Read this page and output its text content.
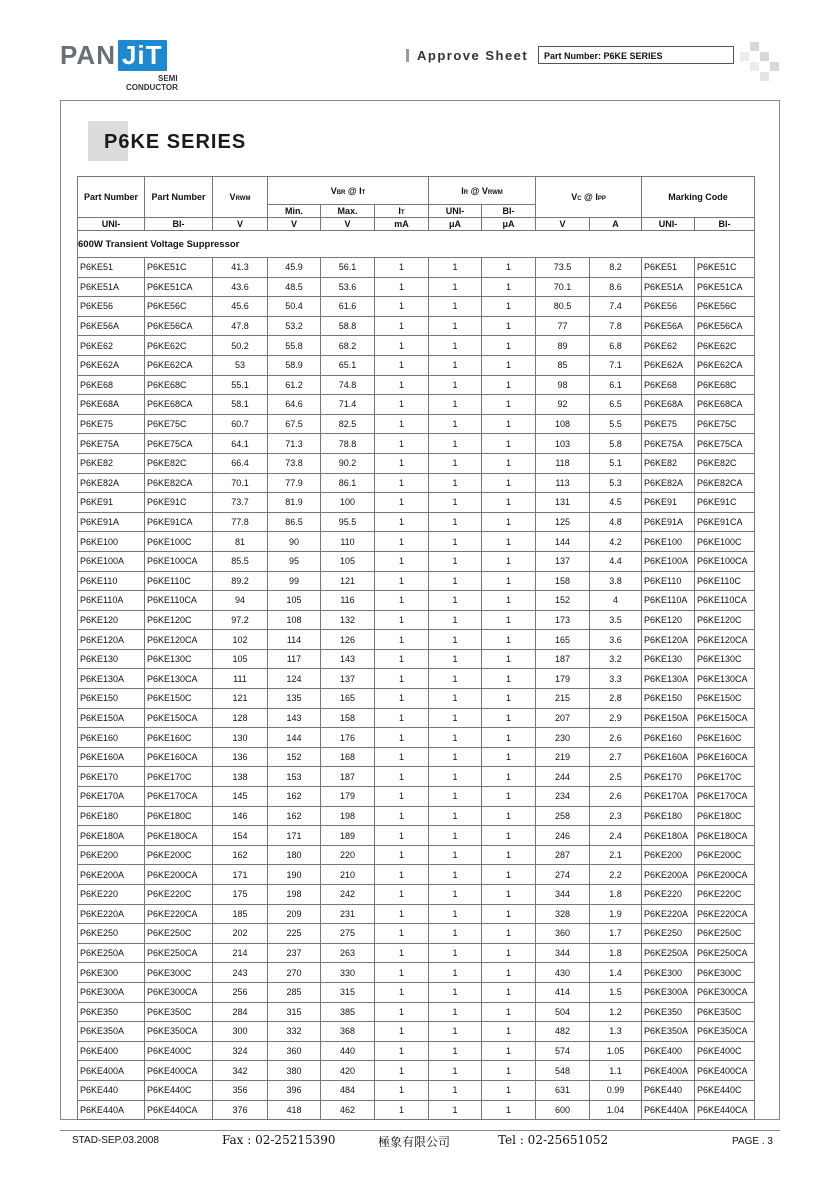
PAN JiT
SEMI
CONDUCTOR
Approve Sheet	Part Number: P6KE SERIES
P6KE SERIES
Part Number	Part Number	VRWM	VBR @ IT			IR @ VRWM		VC @ IPP		Marking Code	
			Min.	Max.	IT	UNI-	BI-				
UNI-	BI-	V	V	V	mA	μA	μA	V	A	UNI-	BI-
600W Transient Voltage Suppressor											
P6KE51	P6KE51C	41.3	45.9	56.1	1	1	1	73.5	8.2	P6KE51	P6KE51C
P6KE51A	P6KE51CA	43.6	48.5	53.6	1	1	1	70.1	8.6	P6KE51A	P6KE51CA
P6KE56	P6KE56C	45.6	50.4	61.6	1	1	1	80.5	7.4	P6KE56	P6KE56C
P6KE56A	P6KE56CA	47.8	53.2	58.8	1	1	1	77	7.8	P6KE56A	P6KE56CA
P6KE62	P6KE62C	50.2	55.8	68.2	1	1	1	89	6.8	P6KE62	P6KE62C
P6KE62A	P6KE62CA	53	58.9	65.1	1	1	1	85	7.1	P6KE62A	P6KE62CA
P6KE68	P6KE68C	55.1	61.2	74.8	1	1	1	98	6.1	P6KE68	P6KE68C
P6KE68A	P6KE68CA	58.1	64.6	71.4	1	1	1	92	6.5	P6KE68A	P6KE68CA
P6KE75	P6KE75C	60.7	67.5	82.5	1	1	1	108	5.5	P6KE75	P6KE75C
P6KE75A	P6KE75CA	64.1	71.3	78.8	1	1	1	103	5.8	P6KE75A	P6KE75CA
P6KE82	P6KE82C	66.4	73.8	90.2	1	1	1	118	5.1	P6KE82	P6KE82C
P6KE82A	P6KE82CA	70.1	77.9	86.1	1	1	1	113	5.3	P6KE82A	P6KE82CA
P6KE91	P6KE91C	73.7	81.9	100	1	1	1	131	4.5	P6KE91	P6KE91C
P6KE91A	P6KE91CA	77.8	86.5	95.5	1	1	1	125	4.8	P6KE91A	P6KE91CA
P6KE100	P6KE100C	81	90	110	1	1	1	144	4.2	P6KE100	P6KE100C
P6KE100A	P6KE100CA	85.5	95	105	1	1	1	137	4.4	P6KE100A	P6KE100CA
P6KE110	P6KE110C	89.2	99	121	1	1	1	158	3.8	P6KE110	P6KE110C
P6KE110A	P6KE110CA	94	105	116	1	1	1	152	4	P6KE110A	P6KE110CA
P6KE120	P6KE120C	97.2	108	132	1	1	1	173	3.5	P6KE120	P6KE120C
P6KE120A	P6KE120CA	102	114	126	1	1	1	165	3.6	P6KE120A	P6KE120CA
P6KE130	P6KE130C	105	117	143	1	1	1	187	3.2	P6KE130	P6KE130C
P6KE130A	P6KE130CA	111	124	137	1	1	1	179	3.3	P6KE130A	P6KE130CA
P6KE150	P6KE150C	121	135	165	1	1	1	215	2.8	P6KE150	P6KE150C
P6KE150A	P6KE150CA	128	143	158	1	1	1	207	2.9	P6KE150A	P6KE150CA
P6KE160	P6KE160C	130	144	176	1	1	1	230	2.6	P6KE160	P6KE160C
P6KE160A	P6KE160CA	136	152	168	1	1	1	219	2.7	P6KE160A	P6KE160CA
P6KE170	P6KE170C	138	153	187	1	1	1	244	2.5	P6KE170	P6KE170C
P6KE170A	P6KE170CA	145	162	179	1	1	1	234	2.6	P6KE170A	P6KE170CA
P6KE180	P6KE180C	146	162	198	1	1	1	258	2.3	P6KE180	P6KE180C
P6KE180A	P6KE180CA	154	171	189	1	1	1	246	2.4	P6KE180A	P6KE180CA
P6KE200	P6KE200C	162	180	220	1	1	1	287	2.1	P6KE200	P6KE200C
P6KE200A	P6KE200CA	171	190	210	1	1	1	274	2.2	P6KE200A	P6KE200CA
P6KE220	P6KE220C	175	198	242	1	1	1	344	1.8	P6KE220	P6KE220C
P6KE220A	P6KE220CA	185	209	231	1	1	1	328	1.9	P6KE220A	P6KE220CA
P6KE250	P6KE250C	202	225	275	1	1	1	360	1.7	P6KE250	P6KE250C
P6KE250A	P6KE250CA	214	237	263	1	1	1	344	1.8	P6KE250A	P6KE250CA
P6KE300	P6KE300C	243	270	330	1	1	1	430	1.4	P6KE300	P6KE300C
P6KE300A	P6KE300CA	256	285	315	1	1	1	414	1.5	P6KE300A	P6KE300CA
P6KE350	P6KE350C	284	315	385	1	1	1	504	1.2	P6KE350	P6KE350C
P6KE350A	P6KE350CA	300	332	368	1	1	1	482	1.3	P6KE350A	P6KE350CA
P6KE400	P6KE400C	324	360	440	1	1	1	574	1.05	P6KE400	P6KE400C
P6KE400A	P6KE400CA	342	380	420	1	1	1	548	1.1	P6KE400A	P6KE400CA
P6KE440	P6KE440C	356	396	484	1	1	1	631	0.99	P6KE440	P6KE440C
P6KE440A	P6KE440CA	376	418	462	1	1	1	600	1.04	P6KE440A	P6KE440CA
STAD-SEP.03.2008	Fax : 02-25215390	極象有限公司	Tel : 02-25651052	PAGE . 3
